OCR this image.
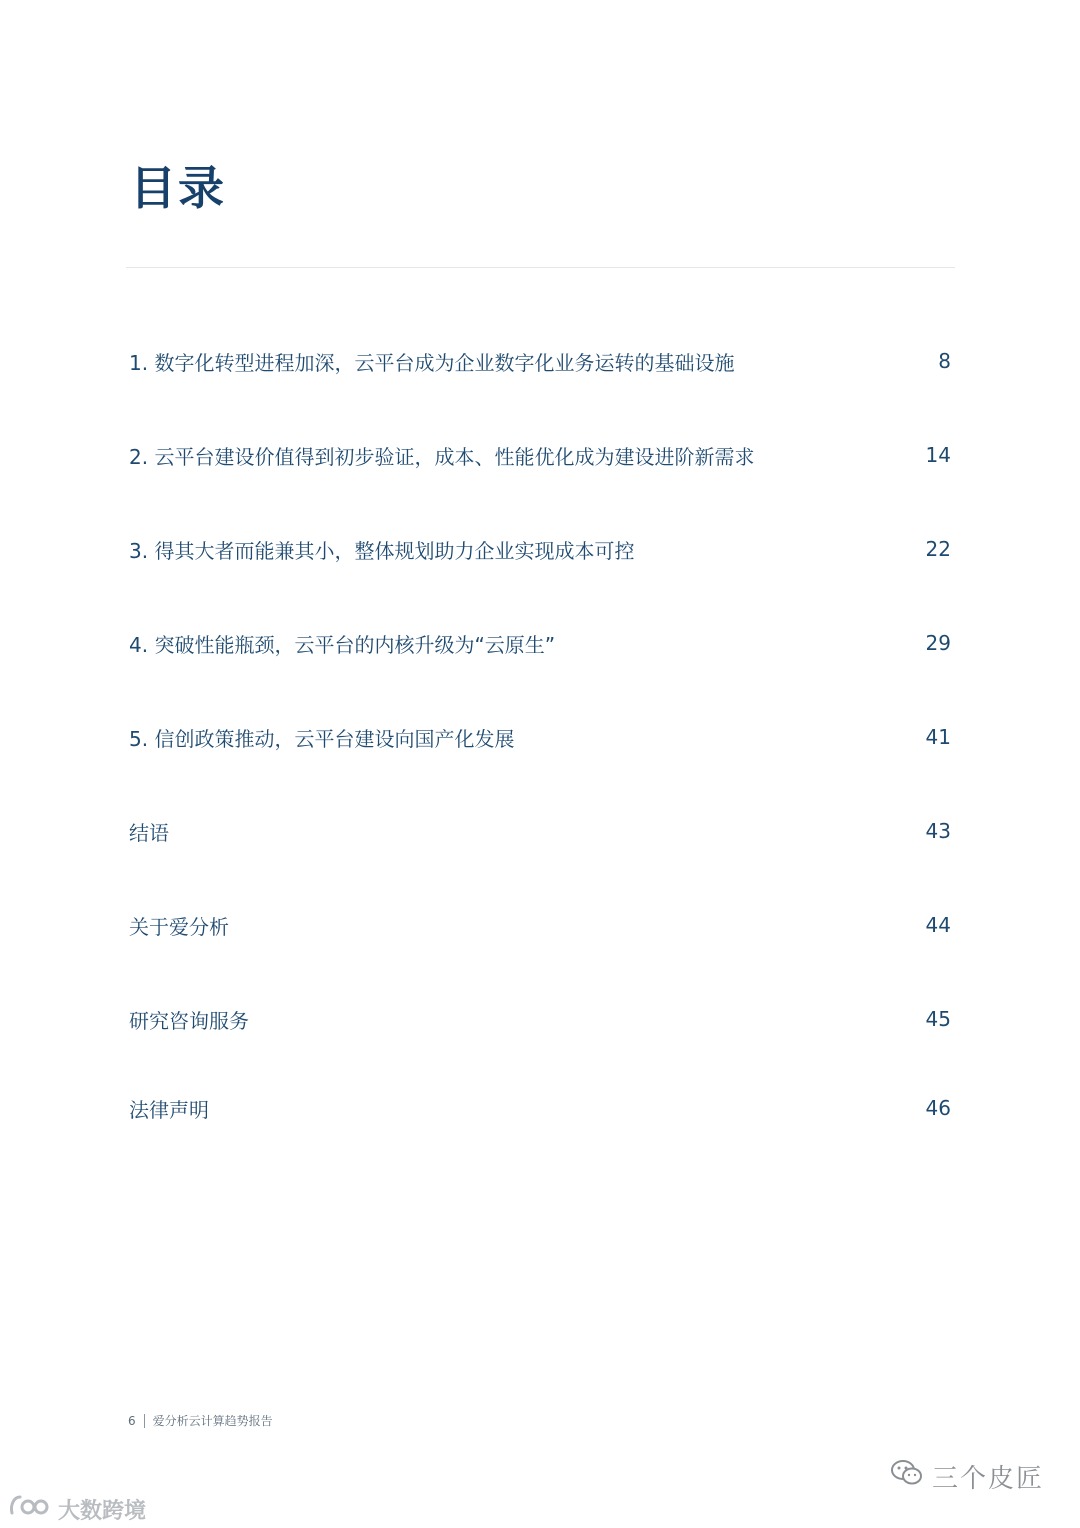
目录
1. 数字化转型进程加深，云平台成为企业数字化业务运转的基础设施	8
2. 云平台建设价值得到初步验证，成本、性能优化成为建设进阶新需求	14
3. 得其大者而能兼其小，整体规划助力企业实现成本可控	22
4. 突破性能瓶颈，云平台的内核升级为“云原生”	29
5. 信创政策推动，云平台建设向国产化发展	41
结语	43
关于爱分析	44
研究咨询服务	45
法律声明	46
6 爱分析云计算趋势报告
三个皮匠
大数跨境
